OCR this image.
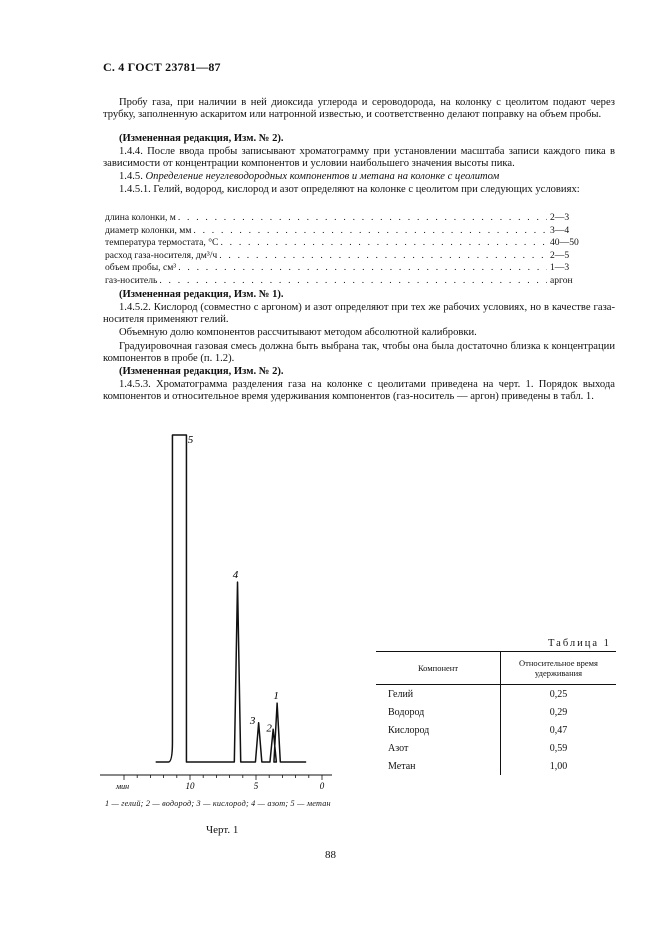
С. 4 ГОСТ 23781—87
Пробу газа, при наличии в ней диоксида углерода и сероводорода, на колонку с цеолитом подают через трубку, заполненную аскаритом или натронной известью, и соответственно делают поправку на объем пробы.
(Измененная редакция, Изм. № 2).
1.4.4. После ввода пробы записывают хроматограмму при установлении масштаба записи каждого пика в зависимости от концентрации компонентов и условии наибольшего значения высоты пика.
1.4.5. Определение неуглеводородных компонентов и метана на колонке с цеолитом
1.4.5.1. Гелий, водород, кислород и азот определяют на колонке с цеолитом при следующих условиях:
длина колонки, м . . .	2—3
диаметр колонки, мм . . .	3—4
температура термостата, °С . . .	40—50
расход газа-носителя, дм³/ч . . .	2—5
объем пробы, см³ . . .	1—3
газ-носитель . . .	аргон
(Измененная редакция, Изм. № 1).
1.4.5.2. Кислород (совместно с аргоном) и азот определяют при тех же рабочих условиях, но в качестве газа-носителя применяют гелий.
Объемную долю компонентов рассчитывают методом абсолютной калибровки.
Градуировочная газовая смесь должна быть выбрана так, чтобы она была достаточно близка к концентрации компонентов в пробе (п. 1.2).
(Измененная редакция, Изм. № 2).
1.4.5.3. Хроматограмма разделения газа на колонке с цеолитами приведена на черт. 1. Порядок выхода компонентов и относительное время удерживания компонентов (газ-носитель — аргон) приведены в табл. 1.
10	5	0
мин
5
4
3
2
1
1 — гелий; 2 — водород; 3 — кислород; 4 — азот; 5 — метан
Черт. 1
Таблица 1
Компонент	Относительное время удерживания
Гелий	0,25
Водород	0,29
Кислород	0,47
Азот	0,59
Метан	1,00
88
